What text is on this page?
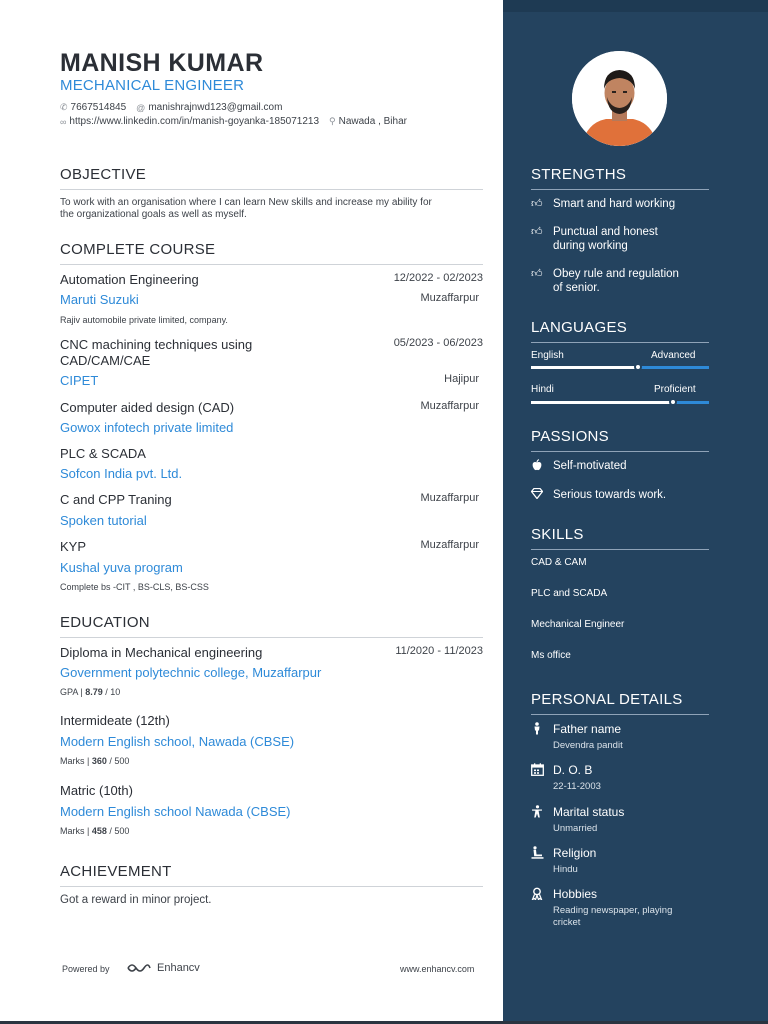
MANISH KUMAR
MECHANICAL ENGINEER
✆ 7667514845 @ manishrajnwd123@gmail.com
∞ https://www.linkedin.com/in/manish-goyanka-185071213 ⚲ Nawada , Bihar
OBJECTIVE
To work with an organisation where I can learn New skills and increase my ability for
the organizational goals as well as myself.
COMPLETE COURSE
Automation Engineering	12/2022 - 02/2023
Maruti Suzuki	Muzaffarpur
Rajiv automobile private limited, company.
CNC machining techniques using
CAD/CAM/CAE
05/2023 - 06/2023
CIPET	Hajipur
Computer aided design (CAD)	Muzaffarpur
Gowox infotech private limited
PLC & SCADA
Sofcon India pvt. Ltd.
C and CPP Traning	Muzaffarpur
Spoken tutorial
KYP	Muzaffarpur
Kushal yuva program
Complete bs -CIT , BS-CLS, BS-CSS
EDUCATION
Diploma in Mechanical engineering	11/2020 - 11/2023
Government polytechnic college, Muzaffarpur
GPA | 8.79 / 10
Intermideate (12th)
Modern English school, Nawada (CBSE)
Marks | 360 / 500
Matric (10th)
Modern English school Nawada (CBSE)
Marks | 458 / 500
ACHIEVEMENT
Got a reward in minor project.
Powered by	Enhancv	www.enhancv.com
STRENGTHS
👍︎ Smart and hard working
👍︎ Punctual and honest
during working
👍︎ Obey rule and regulation
of senior.
LANGUAGES
English	Advanced
Hindi	Proficient
PASSIONS
Self-motivated
Serious towards work.
SKILLS
CAD & CAM
PLC and SCADA
Mechanical Engineer
Ms office
PERSONAL DETAILS
Father name
Devendra pandit
D. O. B
22-11-2003
Marital status
Unmarried
Religion
Hindu
Hobbies
Reading newspaper, playing
cricket
